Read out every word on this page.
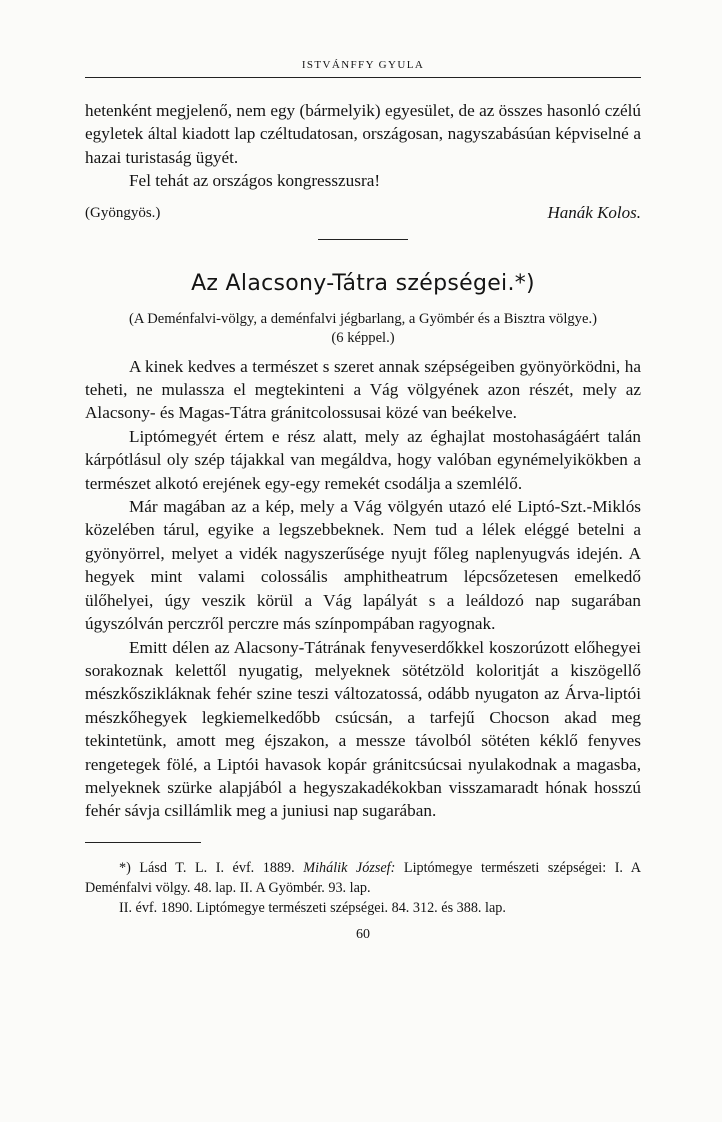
ISTVÁNFFY GYULA

hetenként megjelenő, nem egy (bármelyik) egyesület, de az összes hasonló czélú egyletek által kiadott lap czéltudatosan, országosan, nagyszabásúan képviselné a hazai turistaság ügyét.

Fel tehát az országos kongresszusra!

(Gyöngyös.)	Hanák Kolos.
Az Alacsony-Tátra szépségei.*)
(A Deménfalvi-völgy, a deménfalvi jégbarlang, a Gyömbér és a Bisztra völgye.)
(6 képpel.)

A kinek kedves a természet s szeret annak szépségeiben gyönyörködni, ha teheti, ne mulassza el megtekinteni a Vág völgyének azon részét, mely az Alacsony- és Magas-Tátra gránitcolossusai közé van beékelve.

Liptómegyét értem e rész alatt, mely az éghajlat mostohaságáért talán kárpótlásul oly szép tájakkal van megáldva, hogy valóban egynémelyikökben a természet alkotó erejének egy-egy remekét csodálja a szemlélő.

Már magában az a kép, mely a Vág völgyén utazó elé Liptó-Szt.-Miklós közelében tárul, egyike a legszebbeknek. Nem tud a lélek eléggé betelni a gyönyörrel, melyet a vidék nagyszerűsége nyujt főleg naplenyugvás idején. A hegyek mint valami colossális amphitheatrum lépcsőzetesen emelkedő ülőhelyei, úgy veszik körül a Vág lapályát s a leáldozó nap sugarában úgyszólván perczről perczre más színpompában ragyognak.

Emitt délen az Alacsony-Tátrának fenyveserdőkkel koszorúzott előhegyei sorakoznak kelettől nyugatig, melyeknek sötétzöld koloritját a kiszögellő mészkőszikláknak fehér szine teszi változatossá, odább nyugaton az Árva-liptói mészkőhegyek legkiemelkedőbb csúcsán, a tarfejű Chocson akad meg tekintetünk, amott meg éjszakon, a messze távolból sötéten kéklő fenyves rengetegek fölé, a Liptói havasok kopár gránitcsúcsai nyulakodnak a magasba, melyeknek szürke alapjából a hegyszakadékokban visszamaradt hónak hosszú fehér sávja csillámlik meg a juniusi nap sugarában.

*) Lásd T. L. I. évf. 1889. Mihálik József: Liptómegye természeti szépségei: I. A Deménfalvi völgy. 48. lap. II. A Gyömbér. 93. lap.

II. évf. 1890. Liptómegye természeti szépségei. 84. 312. és 388. lap.

60
